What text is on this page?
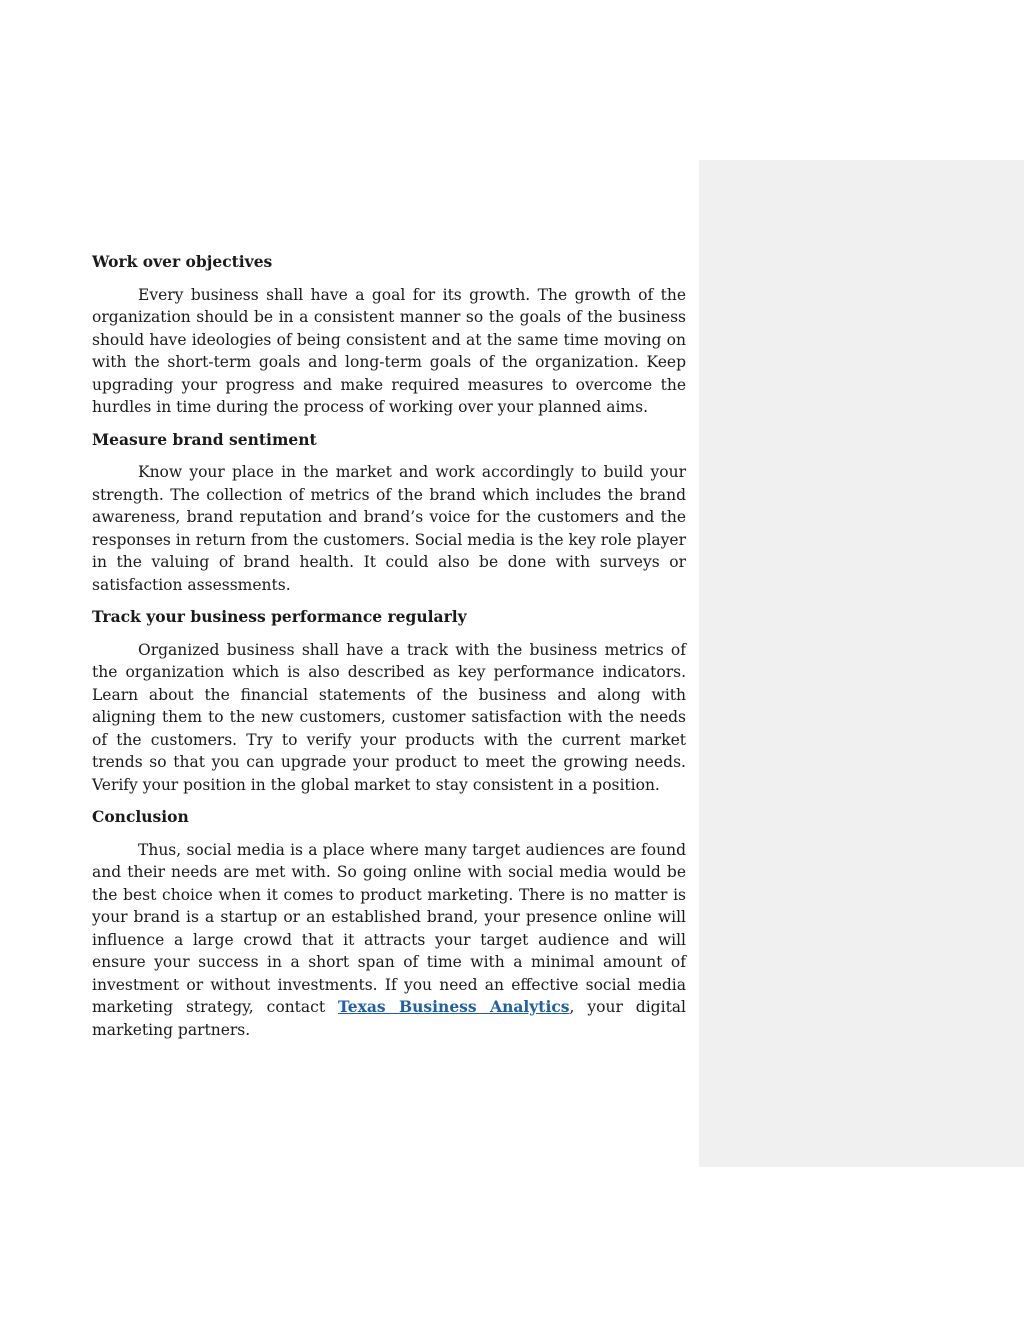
Work over objectives

Every business shall have a goal for its growth. The growth of the organization should be in a consistent manner so the goals of the business should have ideologies of being consistent and at the same time moving on with the short-term goals and long-term goals of the organization. Keep upgrading your progress and make required measures to overcome the hurdles in time during the process of working over your planned aims.

Measure brand sentiment

Know your place in the market and work accordingly to build your strength. The collection of metrics of the brand which includes the brand awareness, brand reputation and brand’s voice for the customers and the responses in return from the customers. Social media is the key role player in the valuing of brand health. It could also be done with surveys or satisfaction assessments.

Track your business performance regularly

Organized business shall have a track with the business metrics of the organization which is also described as key performance indicators. Learn about the financial statements of the business and along with aligning them to the new customers, customer satisfaction with the needs of the customers. Try to verify your products with the current market trends so that you can upgrade your product to meet the growing needs. Verify your position in the global market to stay consistent in a position.

Conclusion

Thus, social media is a place where many target audiences are found and their needs are met with. So going online with social media would be the best choice when it comes to product marketing. There is no matter is your brand is a startup or an established brand, your presence online will influence a large crowd that it attracts your target audience and will ensure your success in a short span of time with a minimal amount of investment or without investments. If you need an effective social media marketing strategy, contact Texas Business Analytics, your digital marketing partners.
